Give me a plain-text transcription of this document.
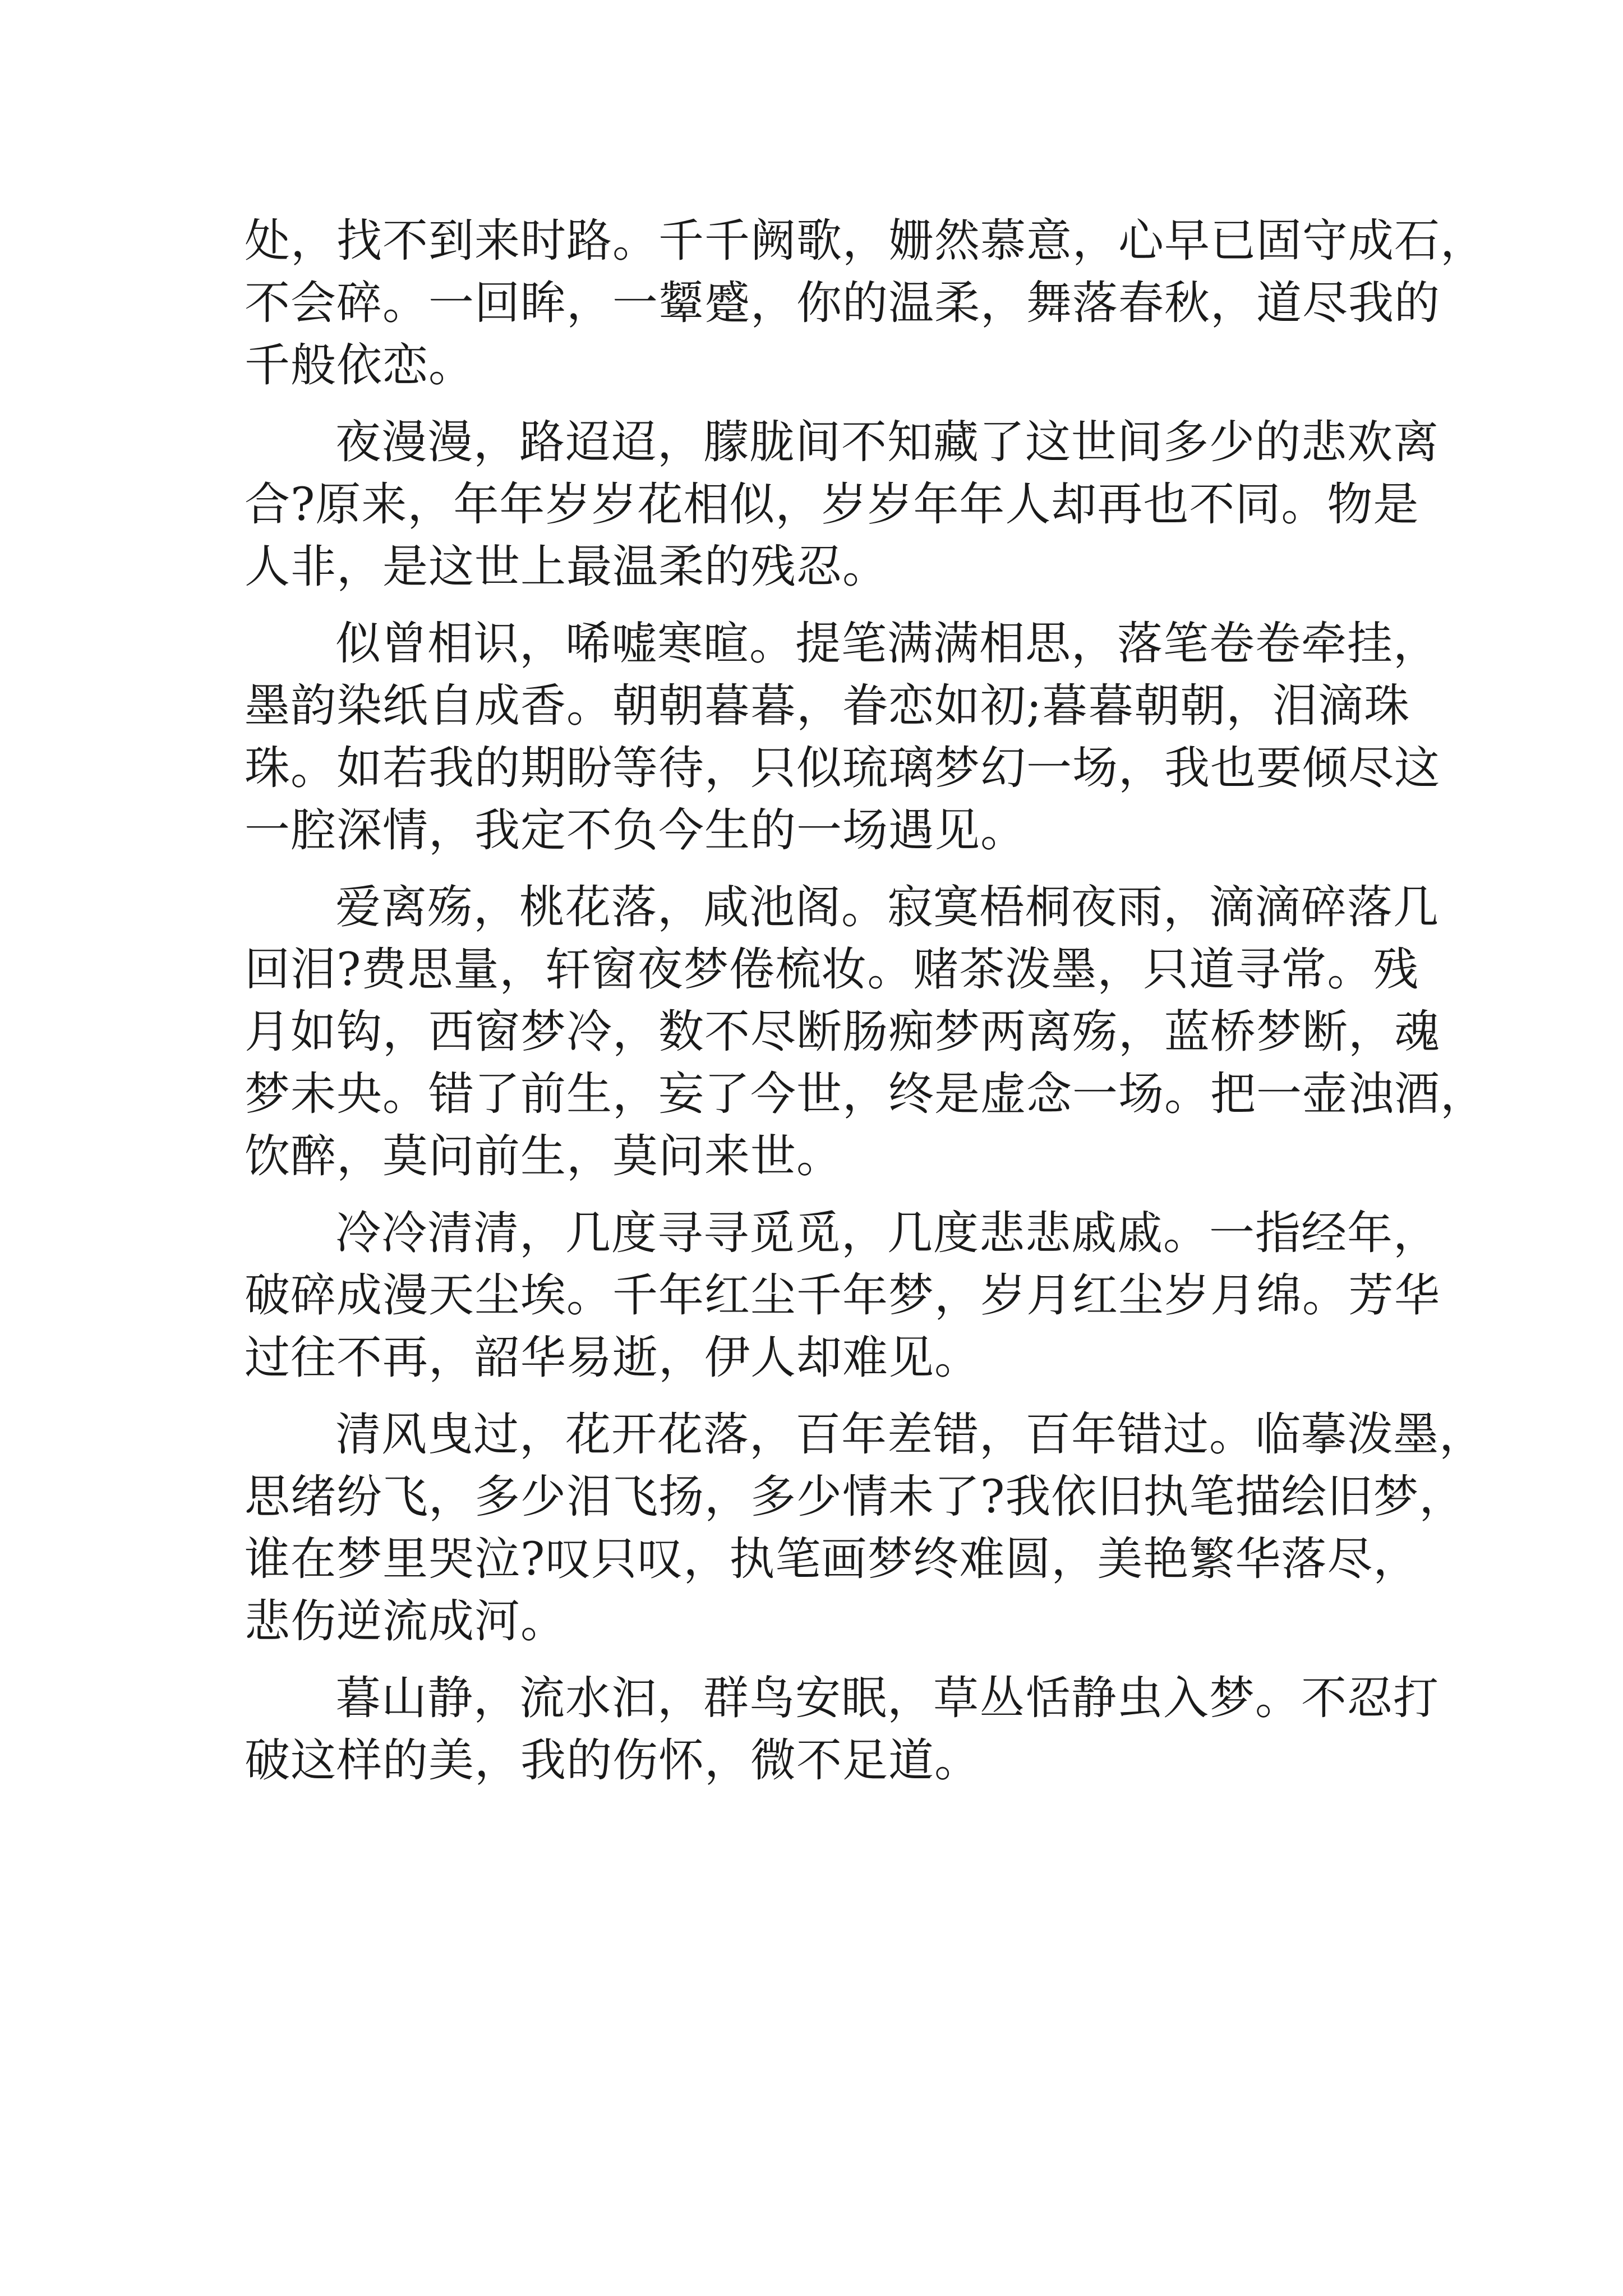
处，找不到来时路。千千阙歌，姗然慕意，心早已固守成石，
不会碎。一回眸，一颦蹙，你的温柔，舞落春秋，道尽我的
千般依恋。

夜漫漫，路迢迢，朦胧间不知藏了这世间多少的悲欢离
合?原来，年年岁岁花相似，岁岁年年人却再也不同。物是
人非，是这世上最温柔的残忍。

似曾相识，唏嘘寒暄。提笔满满相思，落笔卷卷牵挂，
墨韵染纸自成香。朝朝暮暮，眷恋如初;暮暮朝朝，泪滴珠
珠。如若我的期盼等待，只似琉璃梦幻一场，我也要倾尽这
一腔深情，我定不负今生的一场遇见。

爱离殇，桃花落，咸池阁。寂寞梧桐夜雨，滴滴碎落几
回泪?费思量，轩窗夜梦倦梳妆。赌茶泼墨，只道寻常。残
月如钩，西窗梦冷，数不尽断肠痴梦两离殇，蓝桥梦断，魂
梦未央。错了前生，妄了今世，终是虚念一场。把一壶浊酒，
饮醉，莫问前生，莫问来世。

冷冷清清，几度寻寻觅觅，几度悲悲戚戚。一指经年，
破碎成漫天尘埃。千年红尘千年梦，岁月红尘岁月绵。芳华
过往不再，韶华易逝，伊人却难见。

清风曳过，花开花落，百年差错，百年错过。临摹泼墨，
思绪纷飞，多少泪飞扬，多少情未了?我依旧执笔描绘旧梦，
谁在梦里哭泣?叹只叹，执笔画梦终难圆，美艳繁华落尽，
悲伤逆流成河。

暮山静，流水汩，群鸟安眠，草丛恬静虫入梦。不忍打
破这样的美，我的伤怀，微不足道。
